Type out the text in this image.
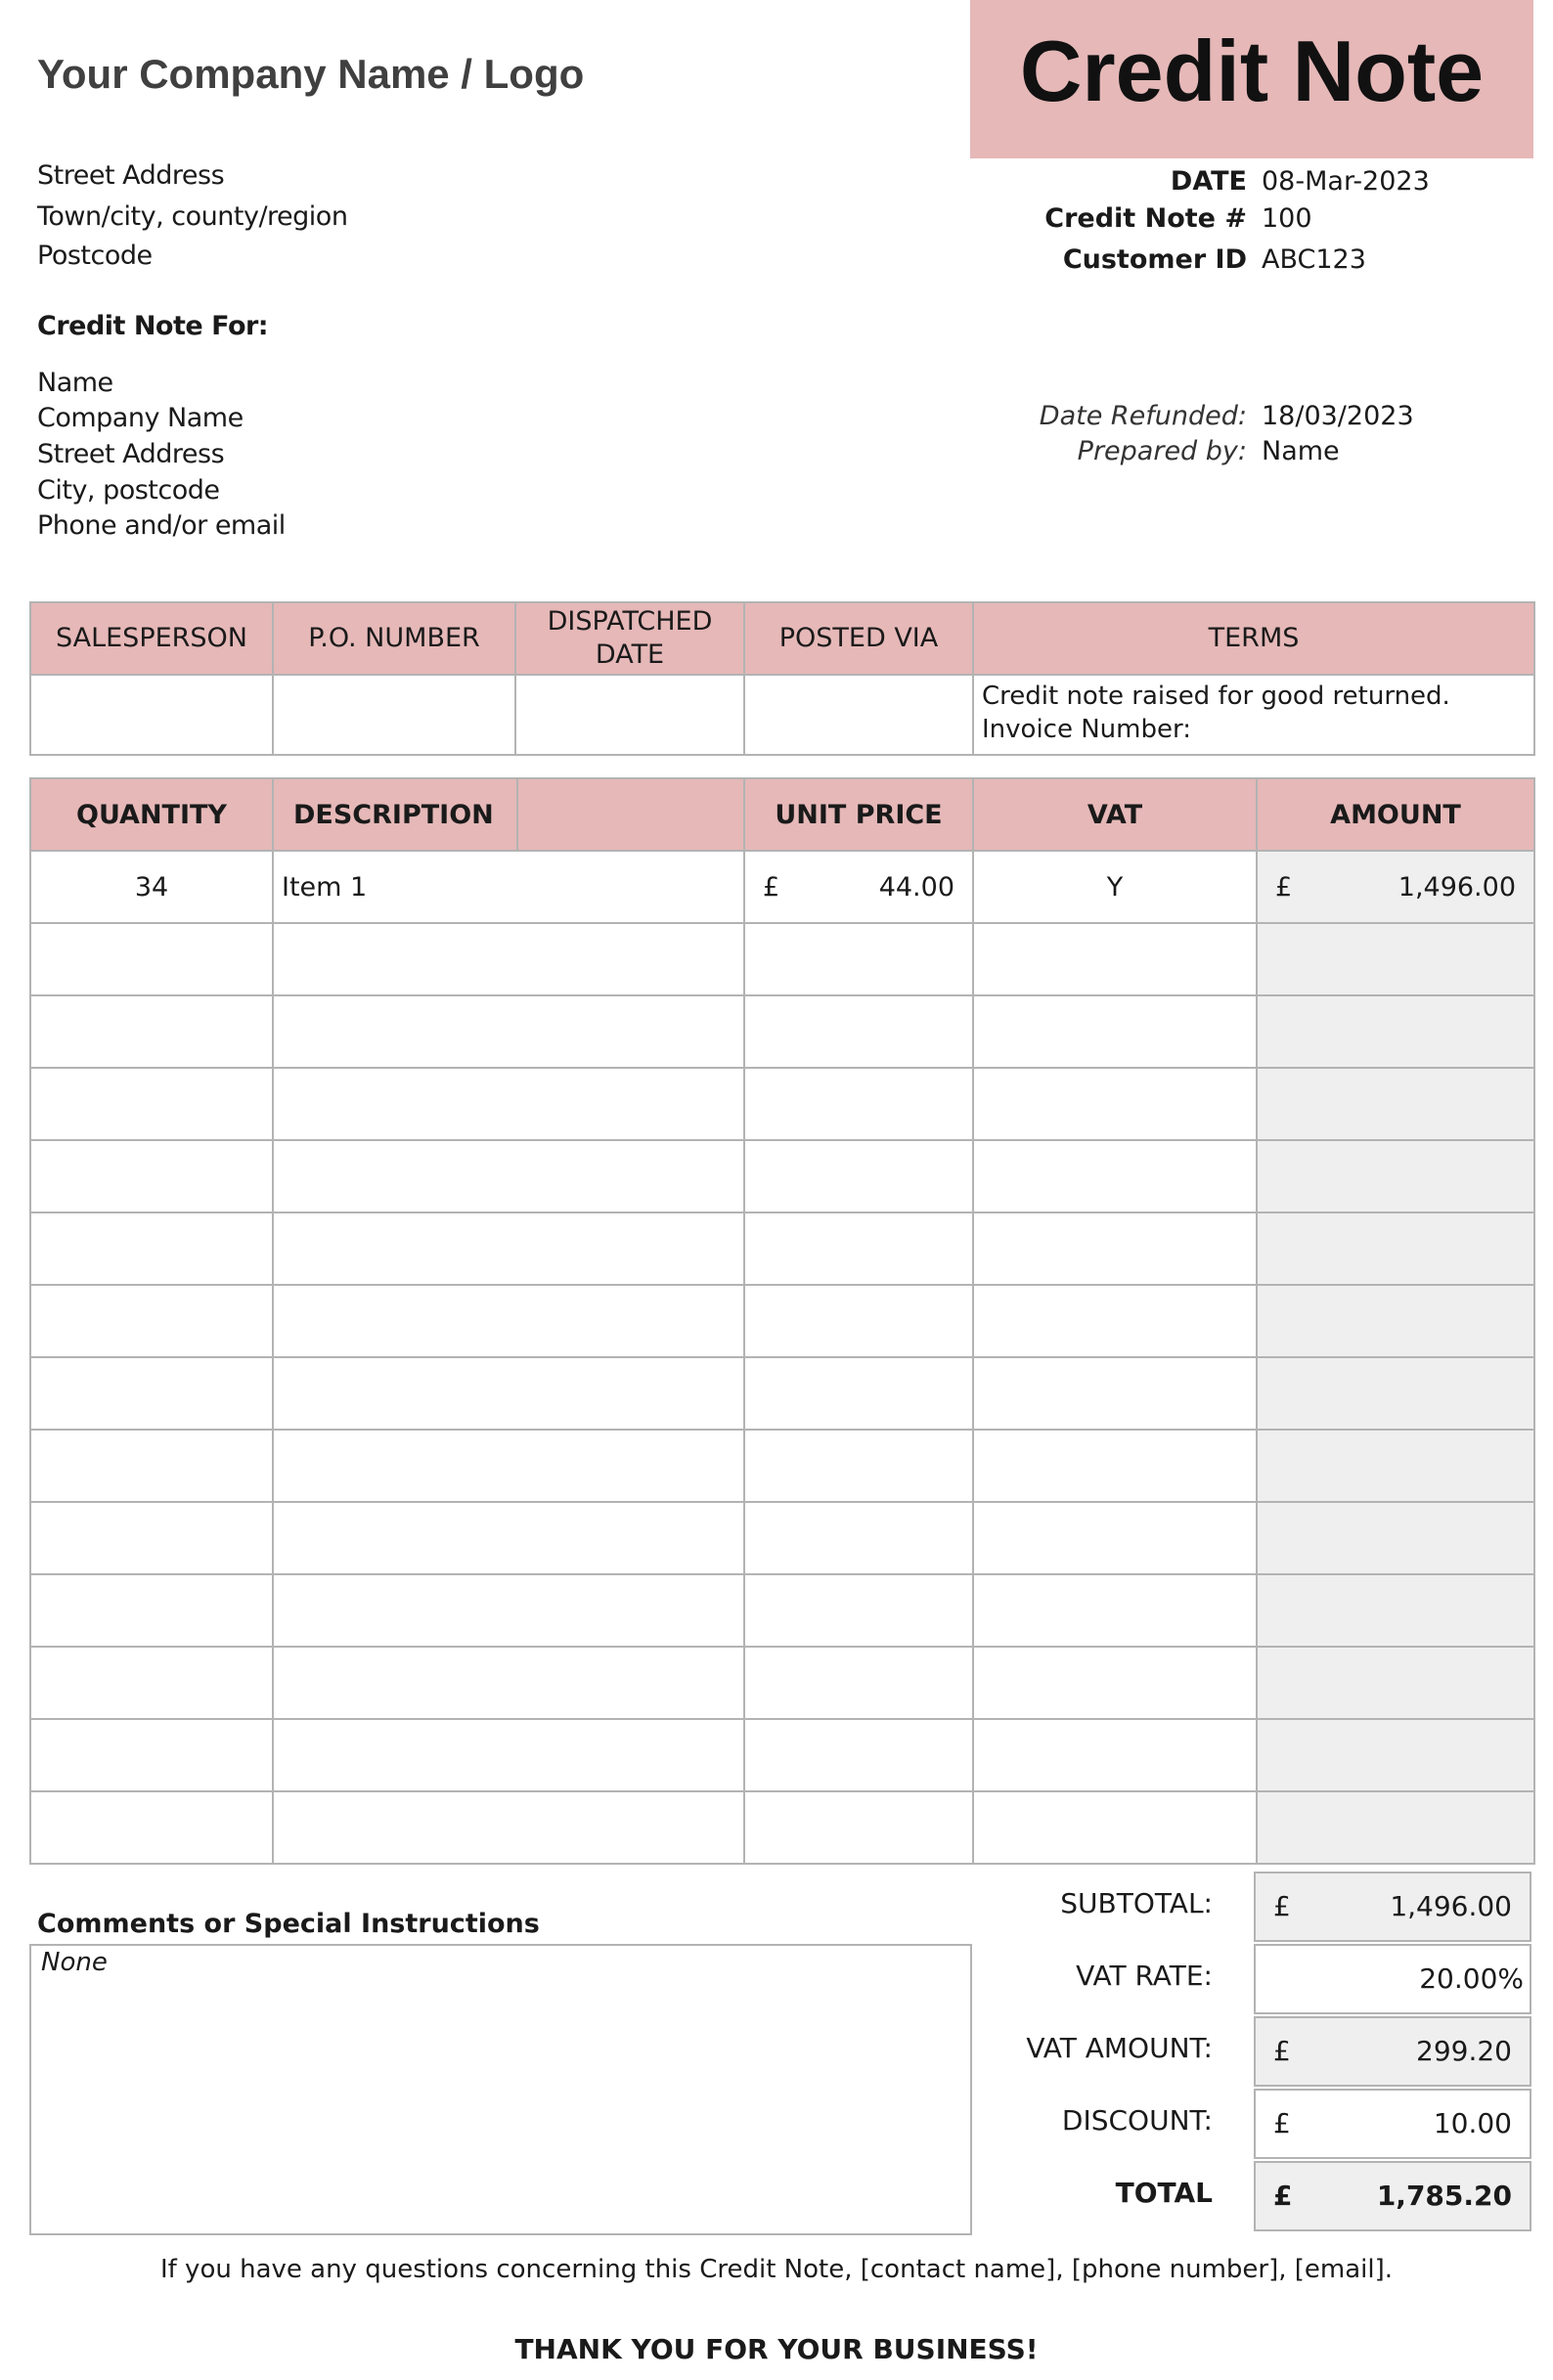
Your Company Name / Logo	Credit Note
Street Address
Town/city, county/region
Postcode
DATE 08-Mar-2023
Credit Note # 100
Customer ID ABC123
Date Refunded: 18/03/2023
Prepared by: Name
Credit Note For:
Name
Company Name
Street Address
City, postcode
Phone and/or email
SALESPERSON	P.O. NUMBER	DISPATCHED DATE	POSTED VIA	TERMS
				Credit note raised for good returned. Invoice Number:
QUANTITY	DESCRIPTION		UNIT PRICE	VAT	AMOUNT
34	Item 1		£ 44.00	Y	£ 1,496.00

Comments or Special Instructions
None
SUBTOTAL:	£	1,496.00
VAT RATE:	20.00%
VAT AMOUNT:	£	299.20
DISCOUNT:	£	10.00
TOTAL	£	1,785.20
If you have any questions concerning this Credit Note, [contact name], [phone number], [email].
THANK YOU FOR YOUR BUSINESS!
